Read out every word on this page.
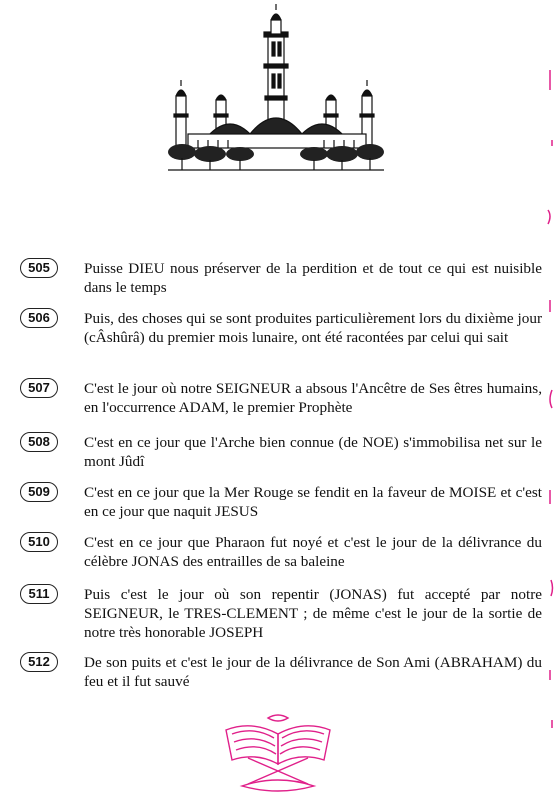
505	Puisse DIEU nous préserver de la perdition et de tout ce qui est nuisible dans le temps
506	Puis, des choses qui se sont produites particulièrement lors du dixième jour (cÂshûrâ) du premier mois lunaire, ont été racontées par celui qui sait
507	C'est le jour où notre SEIGNEUR a absous l'Ancêtre de Ses êtres humains, en l'occurrence ADAM, le premier Prophète
508	C'est en ce jour que l'Arche bien connue (de NOE) s'immobilisa net sur le mont Jûdî
509	C'est en ce jour que la Mer Rouge se fendit en la faveur de MOISE et c'est en ce jour que naquit JESUS
510	C'est en ce jour que Pharaon fut noyé et c'est le jour de la délivrance du célèbre JONAS des entrailles de sa baleine
511	Puis c'est le jour où son repentir (JONAS) fut accepté par notre SEIGNEUR, le TRES-CLEMENT ; de même c'est le jour de la sortie de notre très honorable JOSEPH
512	De son puits et c'est le jour de la délivrance de Son Ami (ABRAHAM) du feu et il fut sauvé
